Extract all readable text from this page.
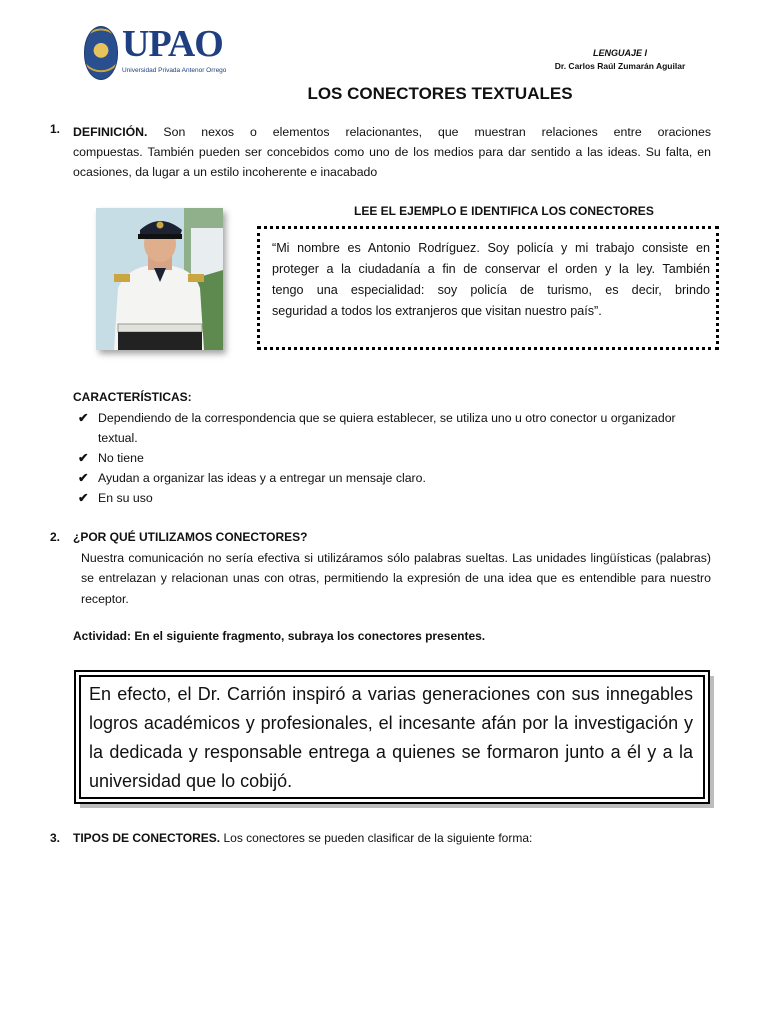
UPAO
Universidad Privada Antenor Orrego
LENGUAJE I
Dr. Carlos Raúl Zumarán Aguilar
LOS CONECTORES TEXTUALES
1. DEFINICIÓN. Son nexos o elementos relacionantes, que muestran relaciones entre oraciones
compuestas. También pueden ser concebidos como uno de los medios para dar sentido a las ideas. Su falta, en
ocasiones, da lugar a un estilo incoherente e inacabado
LEE EL EJEMPLO E IDENTIFICA LOS CONECTORES
“Mi nombre es Antonio Rodríguez. Soy policía y mi trabajo consiste en
proteger a la ciudadanía a fin de conservar el orden y la ley. También
tengo una especialidad: soy policía de turismo, es decir, brindo
seguridad a todos los extranjeros que visitan nuestro país”.
CARACTERÍSTICAS:
✔ Dependiendo de la correspondencia que se quiera establecer, se utiliza uno u otro conector u organizador
textual.
✔ No tiene
✔ Ayudan a organizar las ideas y a entregar un mensaje claro.
✔ En su uso
2. ¿POR QUÉ UTILIZAMOS CONECTORES?
Nuestra comunicación no sería efectiva si utilizáramos sólo palabras sueltas. Las unidades lingüísticas (palabras)
se entrelazan y relacionan unas con otras, permitiendo la expresión de una idea que es entendible para nuestro
receptor.
Actividad: En el siguiente fragmento, subraya los conectores presentes.
En efecto, el Dr. Carrión inspiró a varias generaciones con sus innegables
logros académicos y profesionales, el incesante afán por la investigación y
la dedicada y responsable entrega a quienes se formaron junto a él y a la
universidad que lo cobijó.
3. TIPOS DE CONECTORES. Los conectores se pueden clasificar de la siguiente forma:
